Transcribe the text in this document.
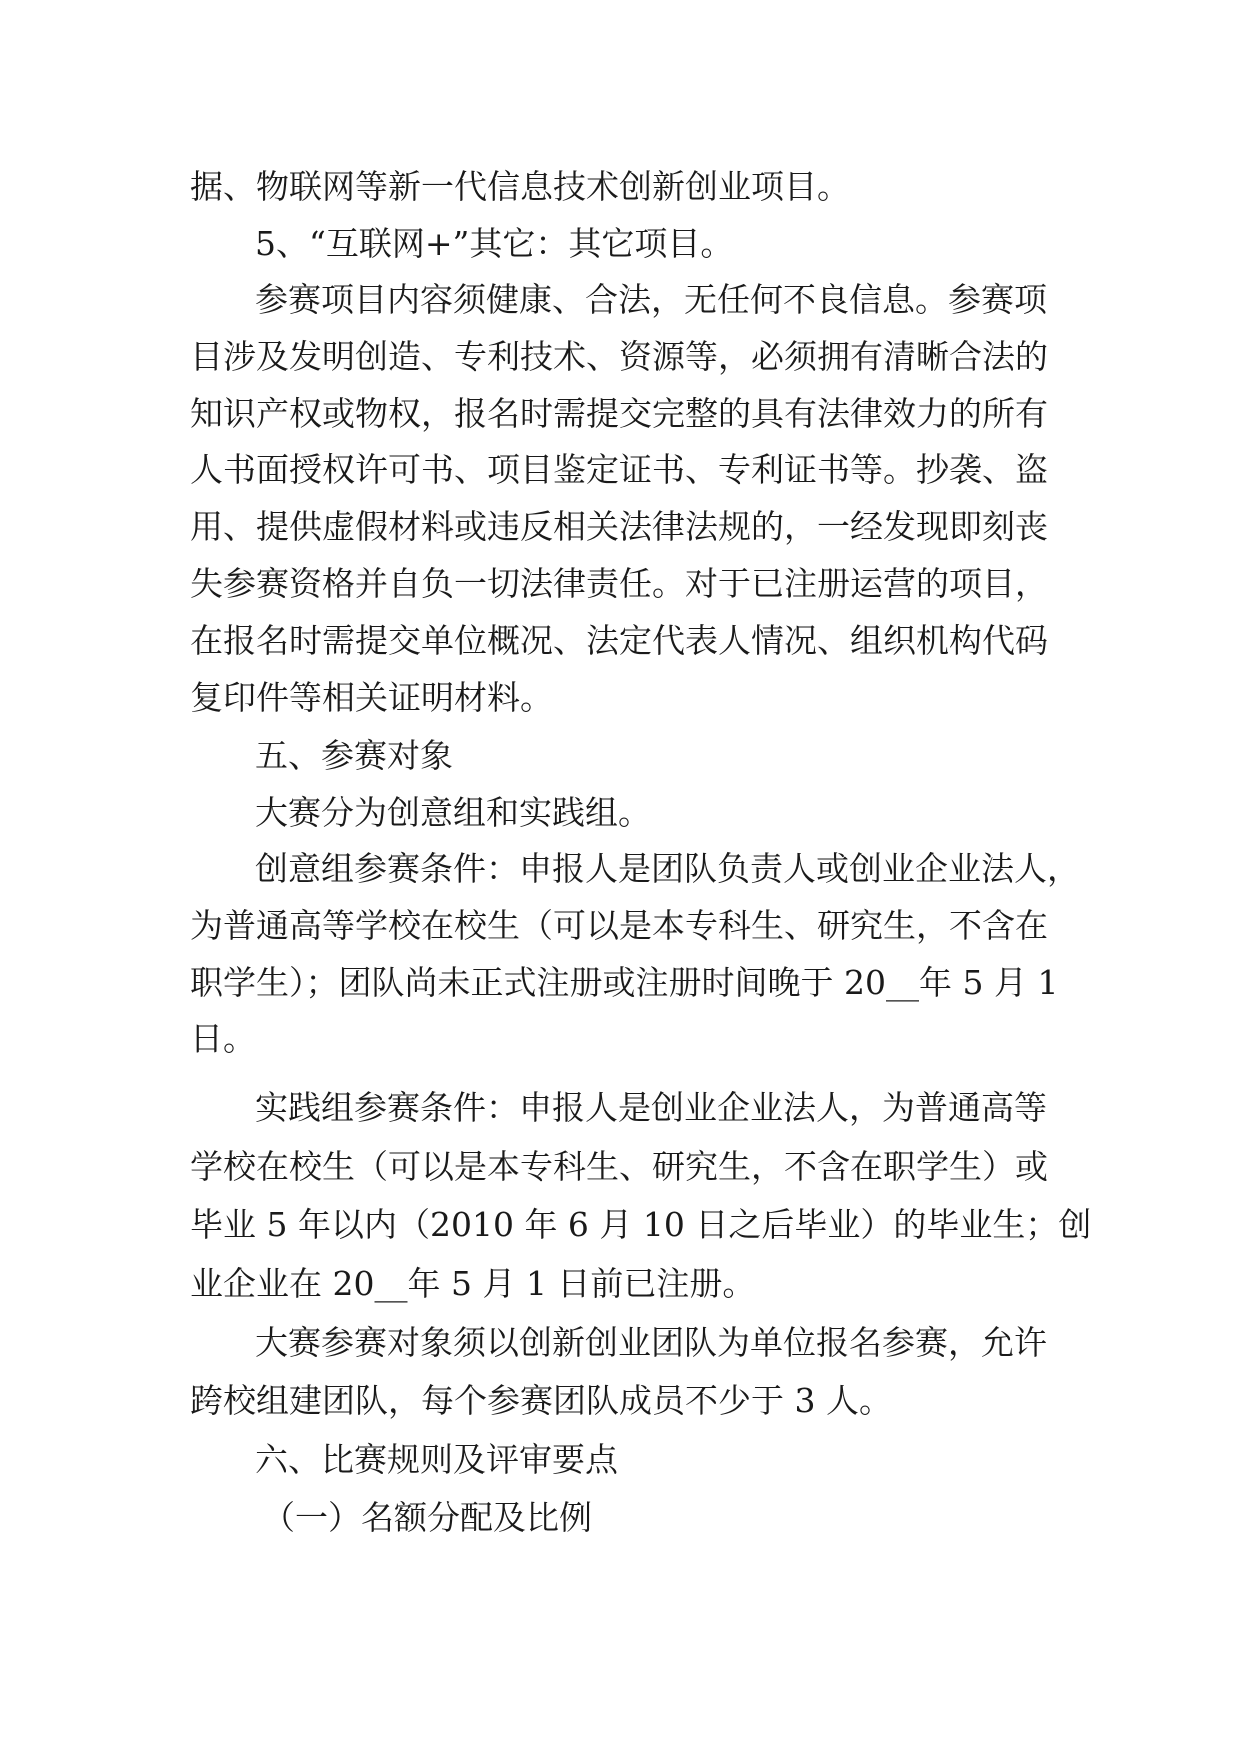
据、物联网等新一代信息技术创新创业项目。
5、“互联网+”其它：其它项目。
参赛项目内容须健康、合法，无任何不良信息。参赛项
目涉及发明创造、专利技术、资源等，必须拥有清晰合法的
知识产权或物权，报名时需提交完整的具有法律效力的所有
人书面授权许可书、项目鉴定证书、专利证书等。抄袭、盗
用、提供虚假材料或违反相关法律法规的，一经发现即刻丧
失参赛资格并自负一切法律责任。对于已注册运营的项目，
在报名时需提交单位概况、法定代表人情况、组织机构代码
复印件等相关证明材料。
五、参赛对象
大赛分为创意组和实践组。
创意组参赛条件：申报人是团队负责人或创业企业法人，
为普通高等学校在校生（可以是本专科生、研究生，不含在
职学生）；团队尚未正式注册或注册时间晚于 20__年 5 月 1
日。
实践组参赛条件：申报人是创业企业法人，为普通高等
学校在校生（可以是本专科生、研究生，不含在职学生）或
毕业 5 年以内（2010 年 6 月 10 日之后毕业）的毕业生；创
业企业在 20__年 5 月 1 日前已注册。
大赛参赛对象须以创新创业团队为单位报名参赛，允许
跨校组建团队，每个参赛团队成员不少于 3 人。
六、比赛规则及评审要点
（一）名额分配及比例
